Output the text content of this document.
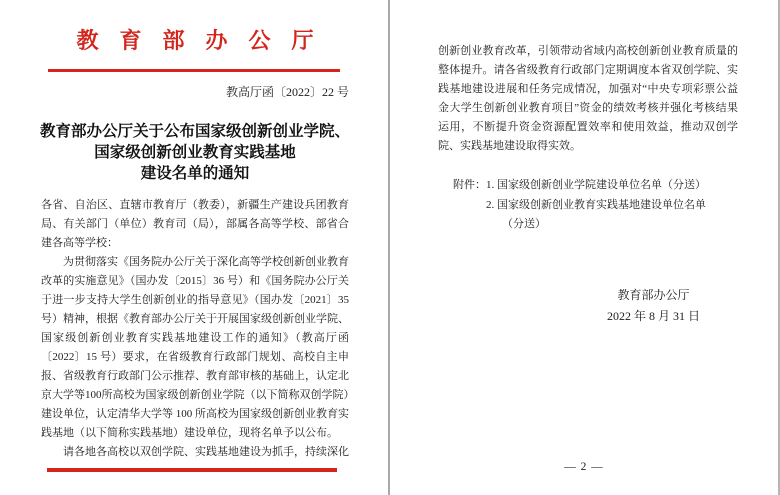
教育部办公厅
教高厅函〔2022〕22 号
教育部办公厅关于公布国家级创新创业学院、
国家级创新创业教育实践基地
建设名单的通知

各省、自治区、直辖市教育厅（教委），新疆生产建设兵团教育局、有关部门（单位）教育司（局），部属各高等学校、部省合建各高等学校：

为贯彻落实《国务院办公厅关于深化高等学校创新创业教育改革的实施意见》（国办发〔2015〕36 号）和《国务院办公厅关于进一步支持大学生创新创业的指导意见》（国办发〔2021〕35 号）精神，根据《教育部办公厅关于开展国家级创新创业学院、国家级创新创业教育实践基地建设工作的通知》（教高厅函〔2022〕15 号）要求，在省级教育行政部门规划、高校自主申报、省级教育行政部门公示推荐、教育部审核的基础上，认定北京大学等100所高校为国家级创新创业学院（以下简称双创学院）建设单位，认定清华大学等 100 所高校为国家级创新创业教育实践基地（以下简称实践基地）建设单位，现将名单予以公布。

请各地各高校以双创学院、实践基地建设为抓手，持续深化

创新创业教育改革，引领带动省域内高校创新创业教育质量的整体提升。请各省级教育行政部门定期调度本省双创学院、实践基地建设进展和任务完成情况，加强对“中央专项彩票公益金大学生创新创业教育项目”资金的绩效考核并强化考核结果运用，不断提升资金资源配置效率和使用效益，推动双创学院、实践基地建设取得实效。

附件： 1. 国家级创新创业学院建设单位名单（分送）
2. 国家级创新创业教育实践基地建设单位名单（分送）
教育部办公厅
2022 年 8 月 31 日
— 2 —
